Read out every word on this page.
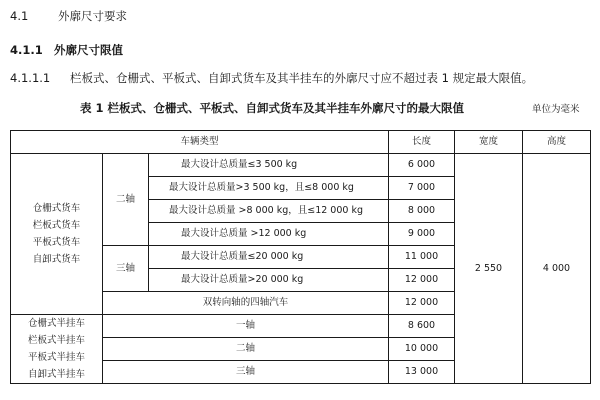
4.1	外廓尺寸要求
4.1.1 外廓尺寸限值
4.1.1.1 栏板式、仓栅式、平板式、自卸式货车及其半挂车的外廓尺寸应不超过表 1 规定最大限值。
表 1 栏板式、仓栅式、平板式、自卸式货车及其半挂车外廓尺寸的最大限值	单位为毫米
车辆类型			长度	宽度	高度

仓栅式货车
栏板式货车
平板式货车
自卸式货车	二轴	最大设计总质量≤3 500 kg	6 000	2 550	4 000
		最大设计总质量>3 500 kg，且≤8 000 kg	7 000		
		最大设计总质量 >8 000 kg，且≤12 000 kg	8 000		
		最大设计总质量 >12 000 kg	9 000		
	三轴	最大设计总质量≤20 000 kg	11 000		
		最大设计总质量>20 000 kg	12 000		
	双转向轴的四轴汽车		12 000		

仓栅式半挂车
栏板式半挂车
平板式半挂车
自卸式半挂车	一轴		8 600		
	二轴		10 000		
	三轴		13 000		
